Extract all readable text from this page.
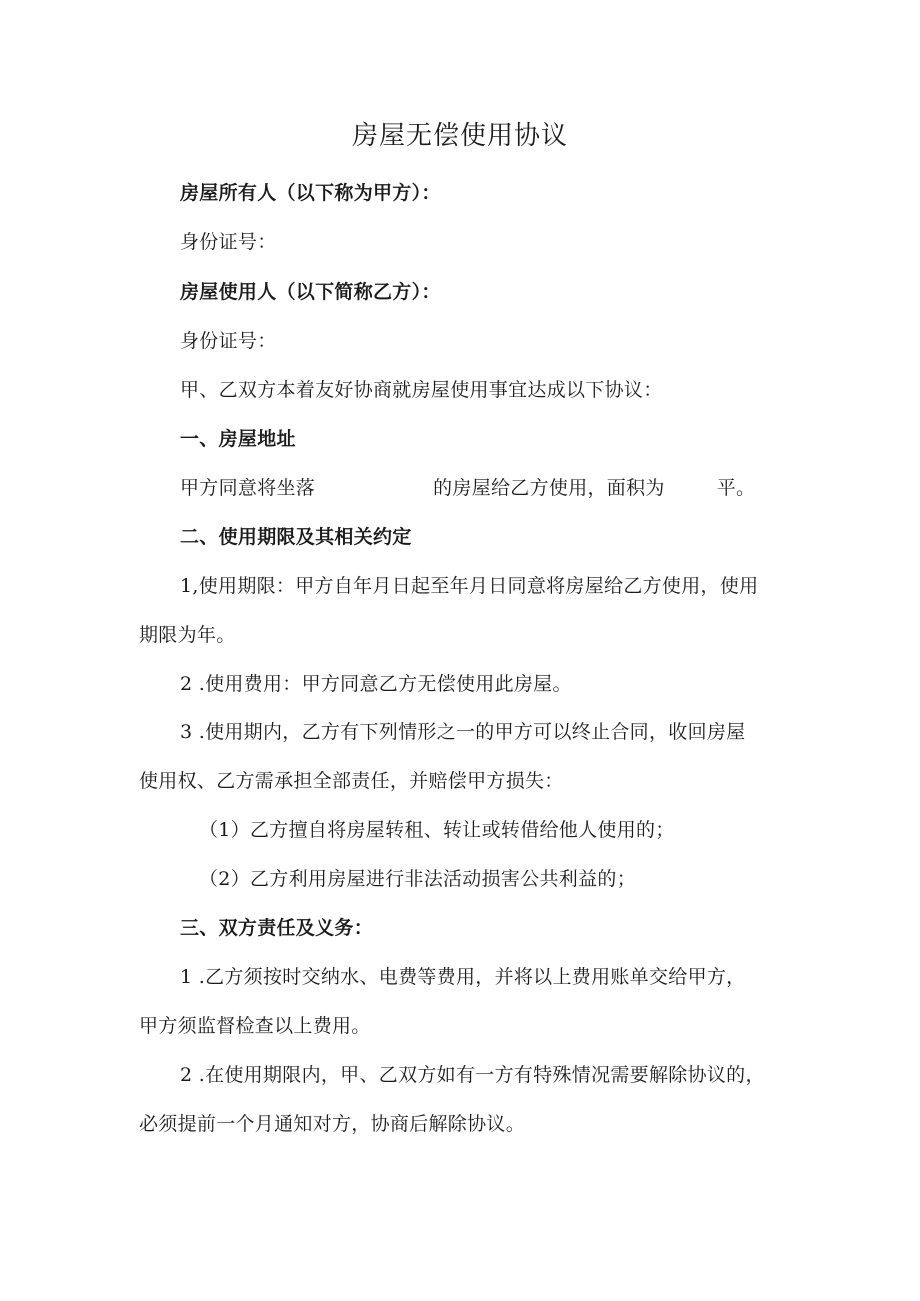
房屋无偿使用协议
房屋所有人（以下称为甲方）：
身份证号：
房屋使用人（以下简称乙方）：
身份证号：
甲、乙双方本着友好协商就房屋使用事宜达成以下协议：
一、房屋地址
甲方同意将坐落	的房屋给乙方使用，面积为	平。
二、使用期限及其相关约定
1,使用期限：甲方自年月日起至年月日同意将房屋给乙方使用，使用
期限为年。
2 .使用费用：甲方同意乙方无偿使用此房屋。
3 .使用期内，乙方有下列情形之一的甲方可以终止合同，收回房屋
使用权、乙方需承担全部责任，并赔偿甲方损失：
（1）乙方擅自将房屋转租、转让或转借给他人使用的；
（2）乙方利用房屋进行非法活动损害公共利益的；
三、双方责任及义务：
1 .乙方须按时交纳水、电费等费用，并将以上费用账单交给甲方，
甲方须监督检查以上费用。
2 .在使用期限内，甲、乙双方如有一方有特殊情况需要解除协议的，
必须提前一个月通知对方，协商后解除协议。
